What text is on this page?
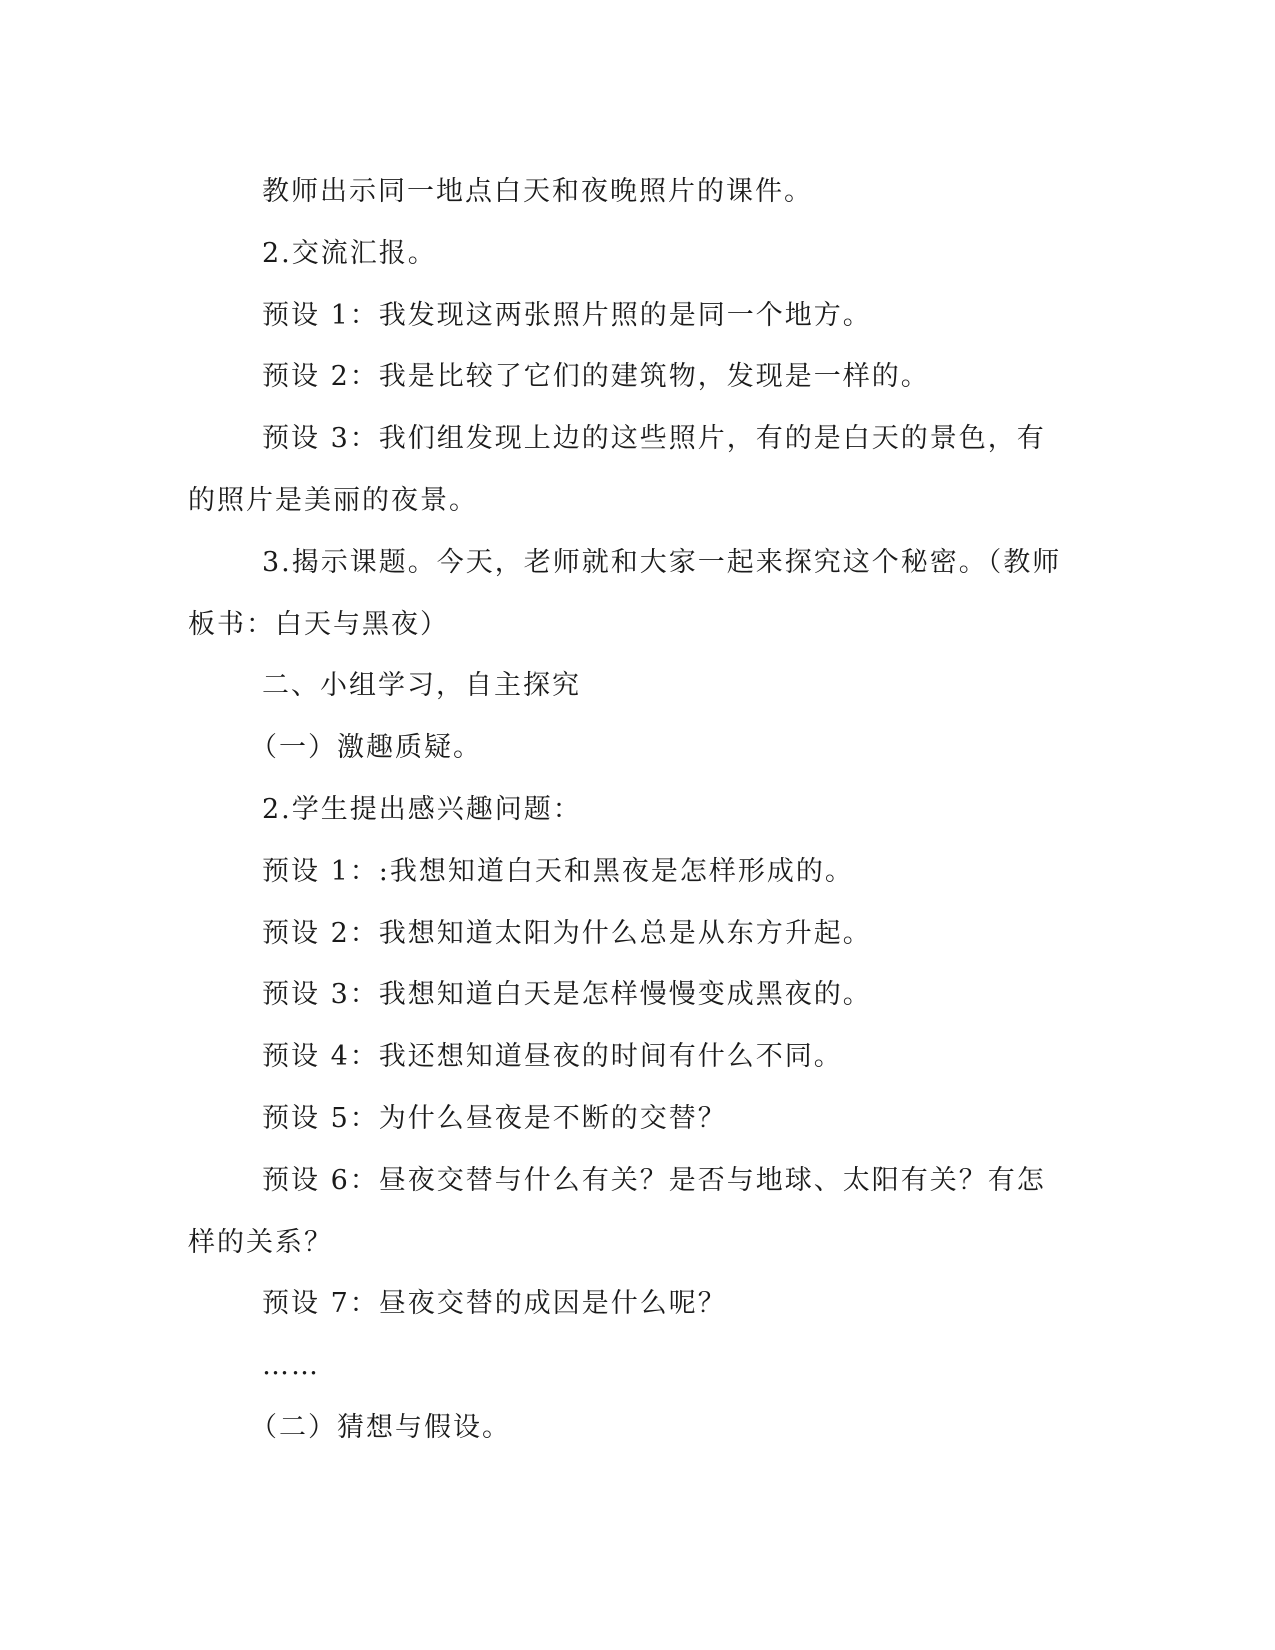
教师出示同一地点白天和夜晚照片的课件。

2.交流汇报。

预设 1：我发现这两张照片照的是同一个地方。

预设 2：我是比较了它们的建筑物，发现是一样的。

预设 3：我们组发现上边的这些照片，有的是白天的景色，有的照片是美丽的夜景。

3.揭示课题。今天，老师就和大家一起来探究这个秘密。（教师板书：白天与黑夜）

二、小组学习，自主探究

（一）激趣质疑。

2.学生提出感兴趣问题：

预设 1：:我想知道白天和黑夜是怎样形成的。

预设 2：我想知道太阳为什么总是从东方升起。

预设 3：我想知道白天是怎样慢慢变成黑夜的。

预设 4：我还想知道昼夜的时间有什么不同。

预设 5：为什么昼夜是不断的交替？

预设 6：昼夜交替与什么有关？是否与地球、太阳有关？有怎样的关系？

预设 7：昼夜交替的成因是什么呢？

……

（二）猜想与假设。
